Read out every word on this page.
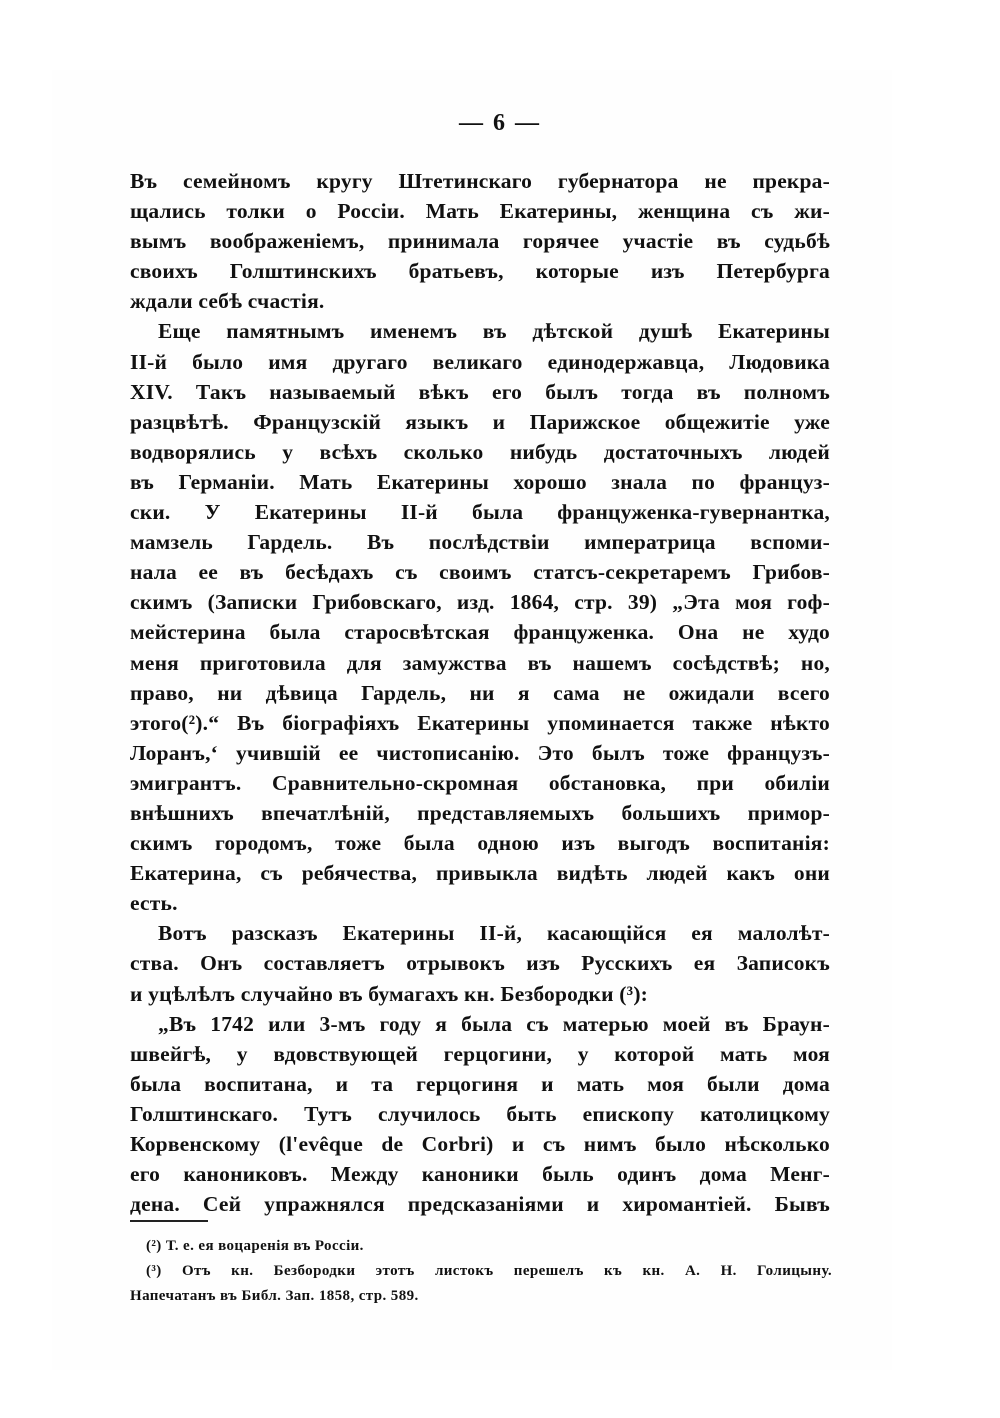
— 6 —
Въ семейномъ кругу Штетинскаго губернатора не прекра-
щались толки о Россіи. Мать Екатерины, женщина съ жи-
вымъ воображеніемъ, принимала горячее участіе въ судьбѣ
своихъ Голштинскихъ братьевъ, которые изъ Петербурга
ждали себѣ счастія.
Еще памятнымъ именемъ въ дѣтской душѣ Екатерины
II-й было имя другаго великаго единодержавца, Людовика
XIV. Такъ называемый вѣкъ его былъ тогда въ полномъ
разцвѣтѣ. Французскій языкъ и Парижское общежитіе уже
водворялись у всѣхъ сколько нибудь достаточныхъ людей
въ Германіи. Мать Екатерины хорошо знала по француз-
ски. У Екатерины II-й была француженка-гувернантка,
мамзель Гардель. Въ послѣдствіи императрица вспоми-
нала ее въ бесѣдахъ съ своимъ статсъ-секретаремъ Грибов-
скимъ (Записки Грибовскаго, изд. 1864, стр. 39) „Эта моя гоф-
мейстерина была старосвѣтская француженка. Она не худо
меня приготовила для замужства въ нашемъ сосѣдствѣ; но,
право, ни дѣвица Гардель, ни я сама не ожидали всего
этого(²).“ Въ біографіяхъ Екатерины упоминается также нѣкто
Лоранъ,ʻ учившій ее чистописанію. Это былъ тоже французъ-
эмигрантъ. Сравнительно-скромная обстановка, при обиліи
внѣшнихъ впечатлѣній, представляемыхъ большихъ примор-
скимъ городомъ, тоже была одною изъ выгодъ воспитанія:
Екатерина, съ ребячества, привыкла видѣть людей какъ они
есть.
Вотъ разсказъ Екатерины II-й, касающійся ея малолѣт-
ства. Онъ составляетъ отрывокъ изъ Русскихъ ея Записокъ
и уцѣлѣлъ случайно въ бумагахъ кн. Безбородки (³):
„Въ 1742 или 3-мъ году я была съ матерью моей въ Браун-
швейгѣ, у вдовствующей герцогини, у которой мать моя
была воспитана, и та герцогиня и мать моя были дома
Голштинскаго. Тутъ случилось быть епископу католицкому
Корвенскому (l'evêque de Corbri) и съ нимъ было нѣсколько
его канониковъ. Между каноники быль одинъ дома Менг-
дена. Сей упражнялся предсказаніями и хиромантіей. Бывъ
(²) Т. е. ея воцаренія въ Россіи.
(³) Отъ кн. Безбородки этотъ листокъ перешелъ къ кн. А. Н. Голицыну.
Напечатанъ въ Библ. Зап. 1858, стр. 589.
